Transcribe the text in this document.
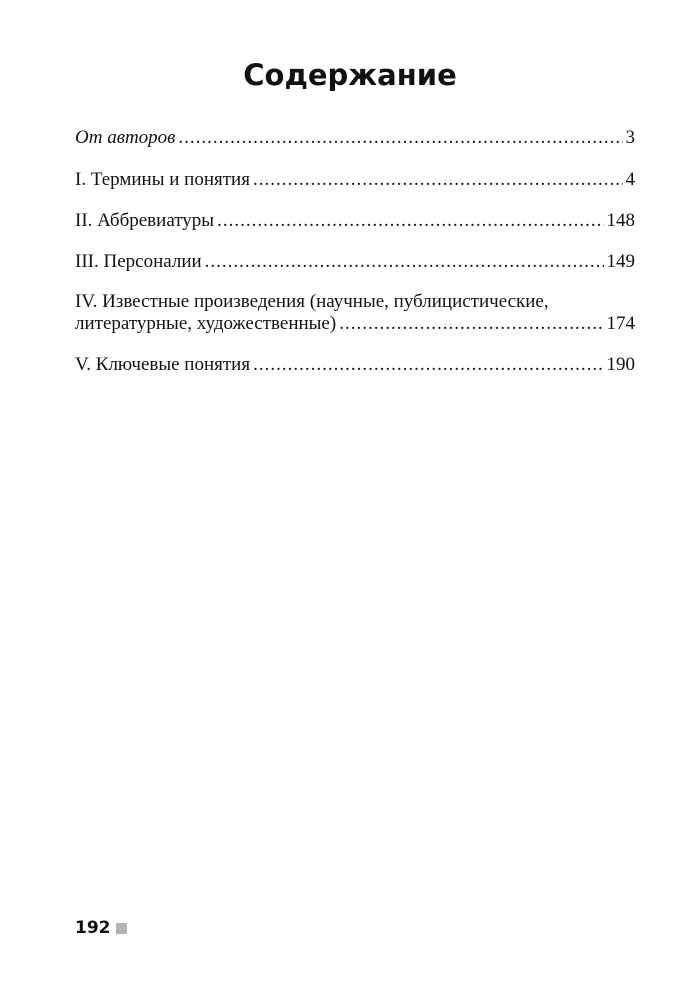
Содержание
От авторов .....	3
I. Термины и понятия .....	4
II. Аббревиатуры .....	148
III. Персоналии .....	149
IV. Известные произведения (научные, публицистические,
литературные, художественные) .....	174
V. Ключевые понятия .....	190
192
